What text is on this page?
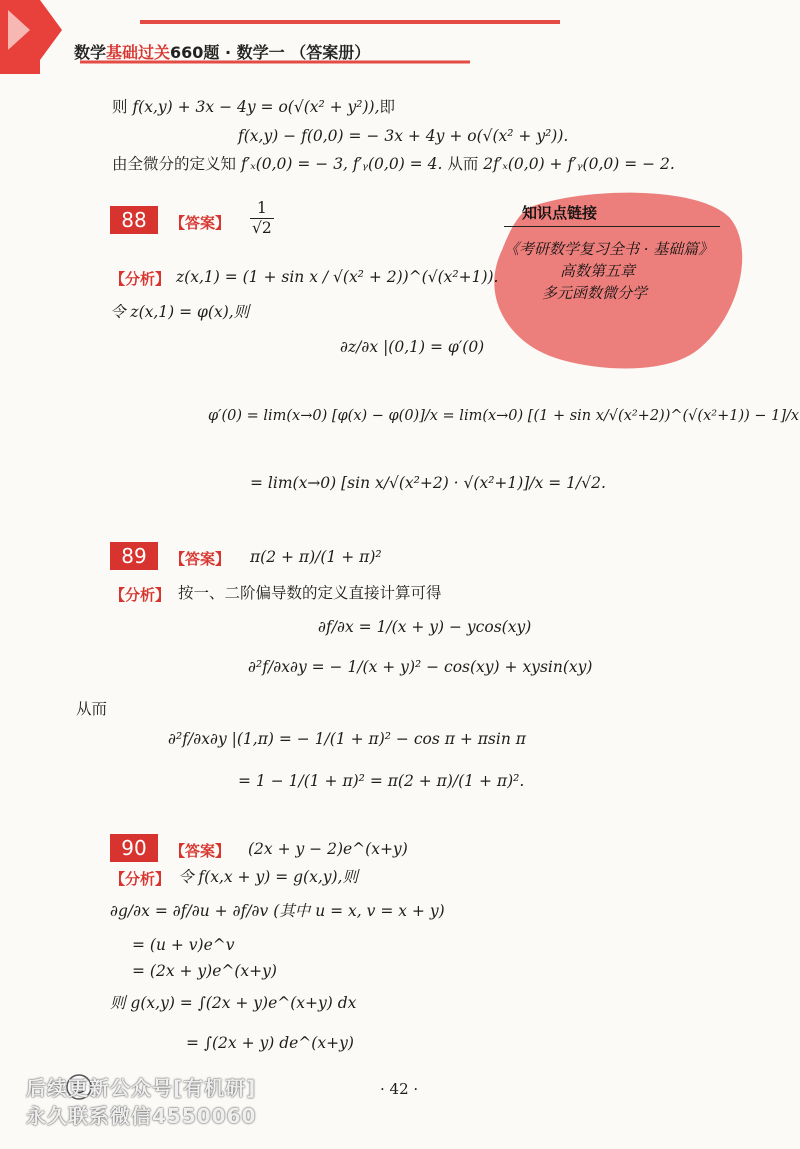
数学基础过关660题 · 数学一 （答案册）
则 f(x,y) + 3x − 4y = o(√(x² + y²)),即
f(x,y) − f(0,0) = − 3x + 4y + o(√(x² + y²)).
由全微分的定义知 f′ₓ(0,0) = − 3, f′ᵧ(0,0) = 4. 从而 2f′ₓ(0,0) + f′ᵧ(0,0) = − 2.
知识点链接
《考研数学复习全书 · 基础篇》
高数第五章
多元函数微分学
88	【答案】 $\frac{1}{√2}$
【分析】 z(x,1) = (1 + sin x / √(x² + 2))^(√(x²+1)).
令 z(x,1) = φ(x),则
∂z/∂x |(0,1) = φ′(0)
φ′(0) = lim(x→0) [φ(x) − φ(0)]/x = lim(x→0) [(1 + sin x/√(x²+2))^(√(x²+1)) − 1]/x
= lim(x→0) [sin x/√(x²+2) · √(x²+1)]/x = 1/√2.
89	【答案】 π(2 + π)/(1 + π)²
【分析】 按一、二阶偏导数的定义直接计算可得
∂f/∂x = 1/(x + y) − ycos(xy)
∂²f/∂x∂y = − 1/(x + y)² − cos(xy) + xysin(xy)
从而
∂²f/∂x∂y |(1,π) = − 1/(1 + π)² − cos π + πsin π
= 1 − 1/(1 + π)² = π(2 + π)/(1 + π)².
90	【答案】 (2x + y − 2)e^(x+y)
【分析】 令 f(x,x + y) = g(x,y),则
∂g/∂x = ∂f/∂u + ∂f/∂v (其中 u = x, v = x + y)
= (u + v)e^v
= (2x + y)e^(x+y)
则 g(x,y) = ∫(2x + y)e^(x+y) dx
= ∫(2x + y) de^(x+y)
· 42 ·
后续更新公众号[有机研]
永久联系微信4550060
